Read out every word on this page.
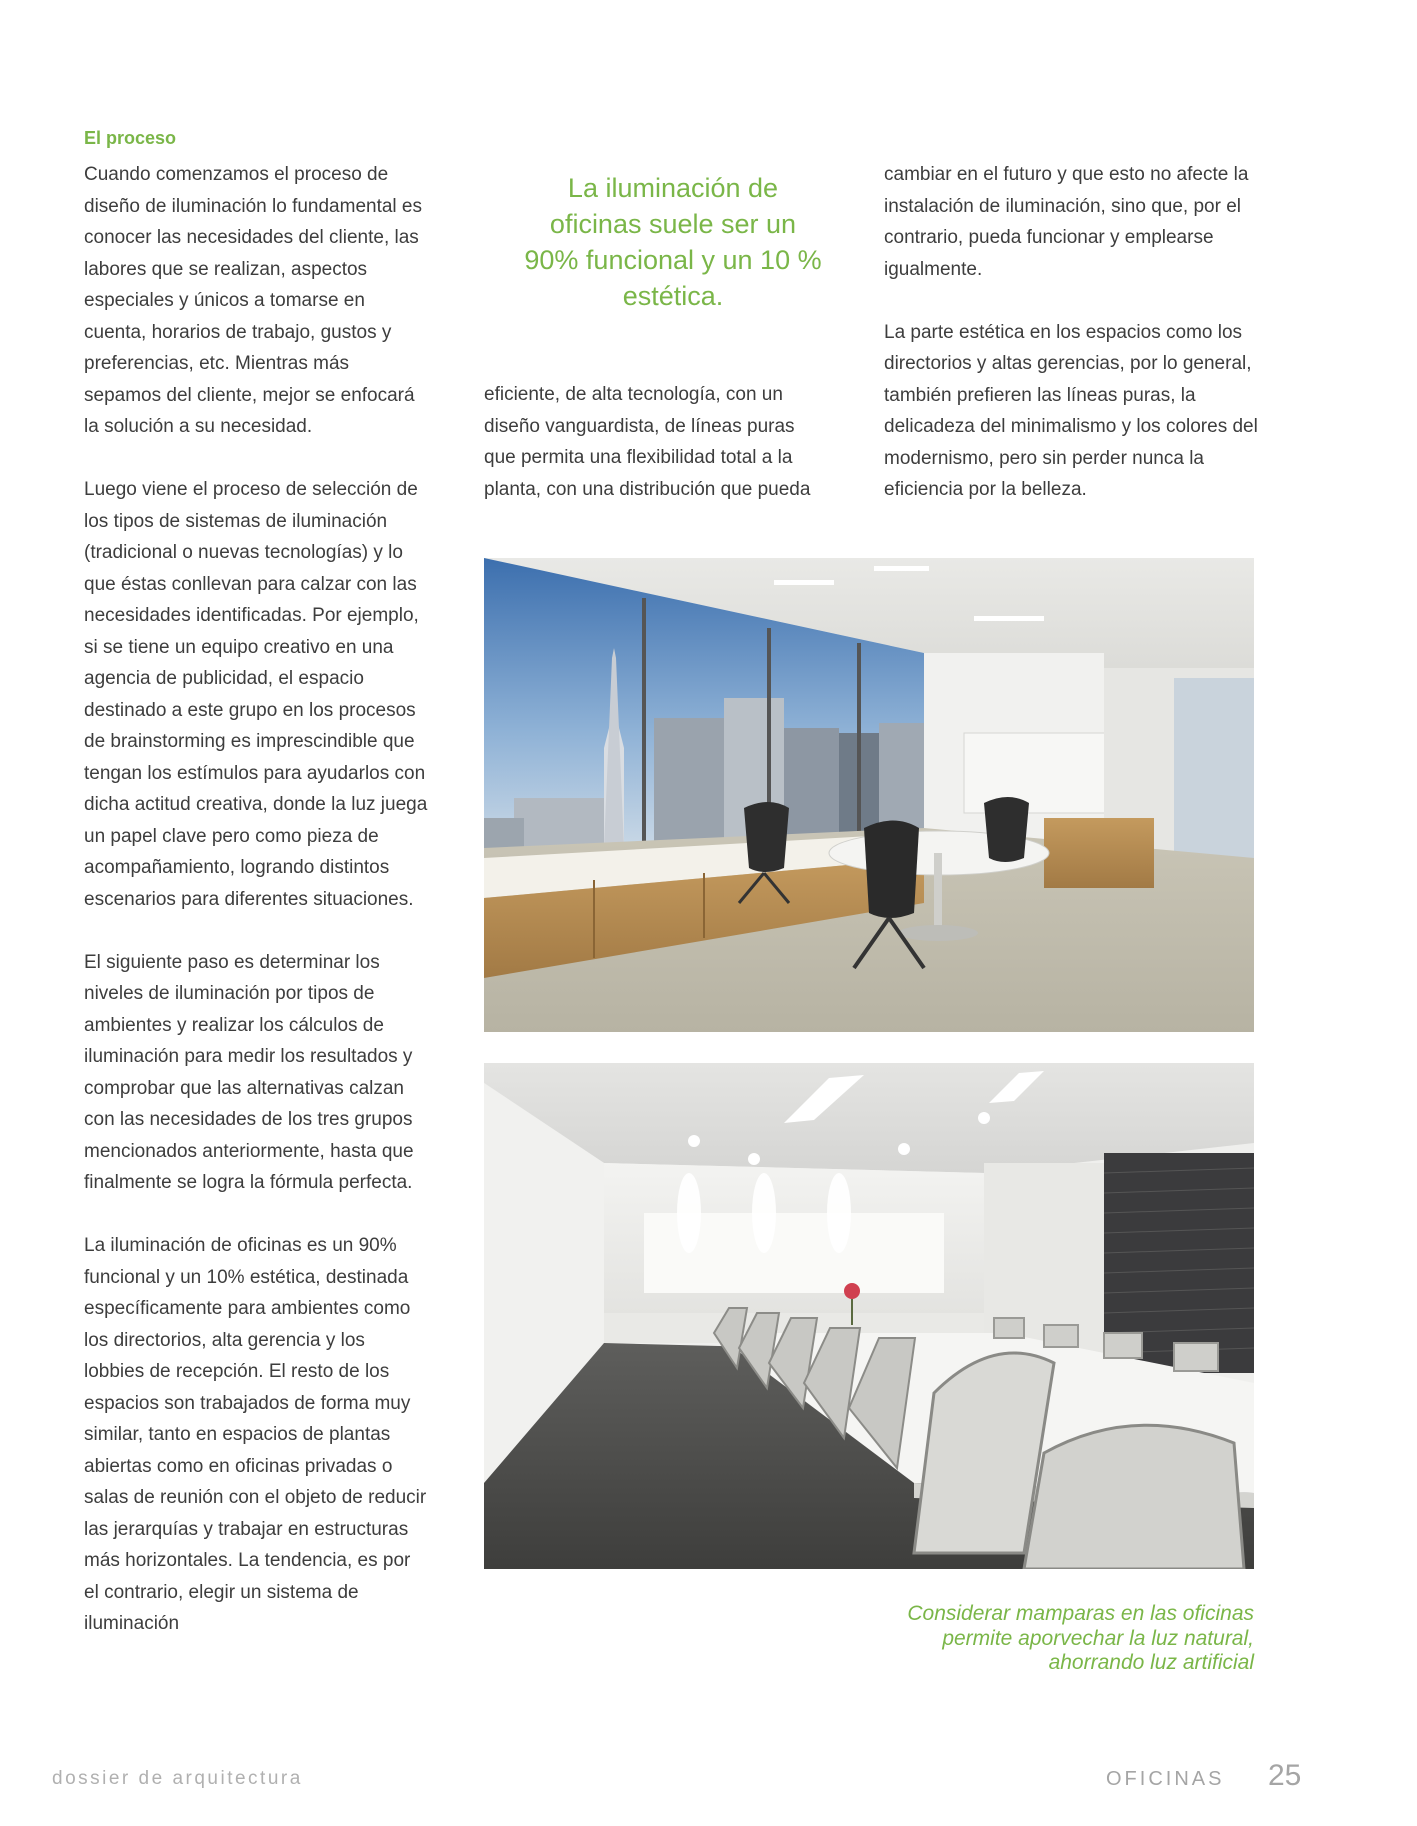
El proceso

Cuando comenzamos el proceso de diseño de iluminación lo fundamental es conocer las necesidades del cliente, las labores que se realizan, aspectos especiales y únicos a tomarse en cuenta, horarios de trabajo, gustos y preferencias, etc. Mientras más sepamos del cliente, mejor se enfocará la solución a su necesidad.

Luego viene el proceso de selección de los tipos de sistemas de iluminación (tradicional o nuevas tecnologías) y lo que éstas conllevan para calzar con las necesidades identificadas. Por ejemplo, si se tiene un equipo creativo en una agencia de publicidad, el espacio destinado a este grupo en los procesos de brainstorming es imprescindible que tengan los estímulos para ayudarlos con dicha actitud creativa, donde la luz juega un papel clave pero como pieza de acompañamiento, logrando distintos escenarios para diferentes situaciones.

El siguiente paso es determinar los niveles de iluminación por tipos de ambientes y realizar los cálculos de iluminación para medir los resultados y comprobar que las alternativas calzan con las necesidades de los tres grupos mencionados anteriormente, hasta que finalmente se logra la fórmula perfecta.

La iluminación de oficinas es un 90% funcional y un 10% estética, destinada específicamente para ambientes como los directorios, alta gerencia y los lobbies de recepción. El resto de los espacios son trabajados de forma muy similar, tanto en espacios de plantas abiertas como en oficinas privadas o salas de reunión con el objeto de reducir las jerarquías y trabajar en estructuras más horizontales. La tendencia, es por el contrario, elegir un sistema de iluminación

La iluminación de oficinas suele ser un 90% funcional y un 10 % estética.

eficiente, de alta tecnología, con un diseño vanguardista, de líneas puras que permita una flexibilidad total a la planta, con una distribución que pueda

cambiar en el futuro y que esto no afecte la instalación de iluminación, sino que, por el contrario, pueda funcionar y emplearse igualmente.

La parte estética en los espacios como los directorios y altas gerencias, por lo general, también prefieren las líneas puras, la delicadeza del minimalismo y los colores del modernismo, pero sin perder nunca la eficiencia por la belleza.

Considerar mamparas en las oficinas permite aporvechar la luz natural, ahorrando luz artificial
dossier de arquitectura	OFICINAS 25
